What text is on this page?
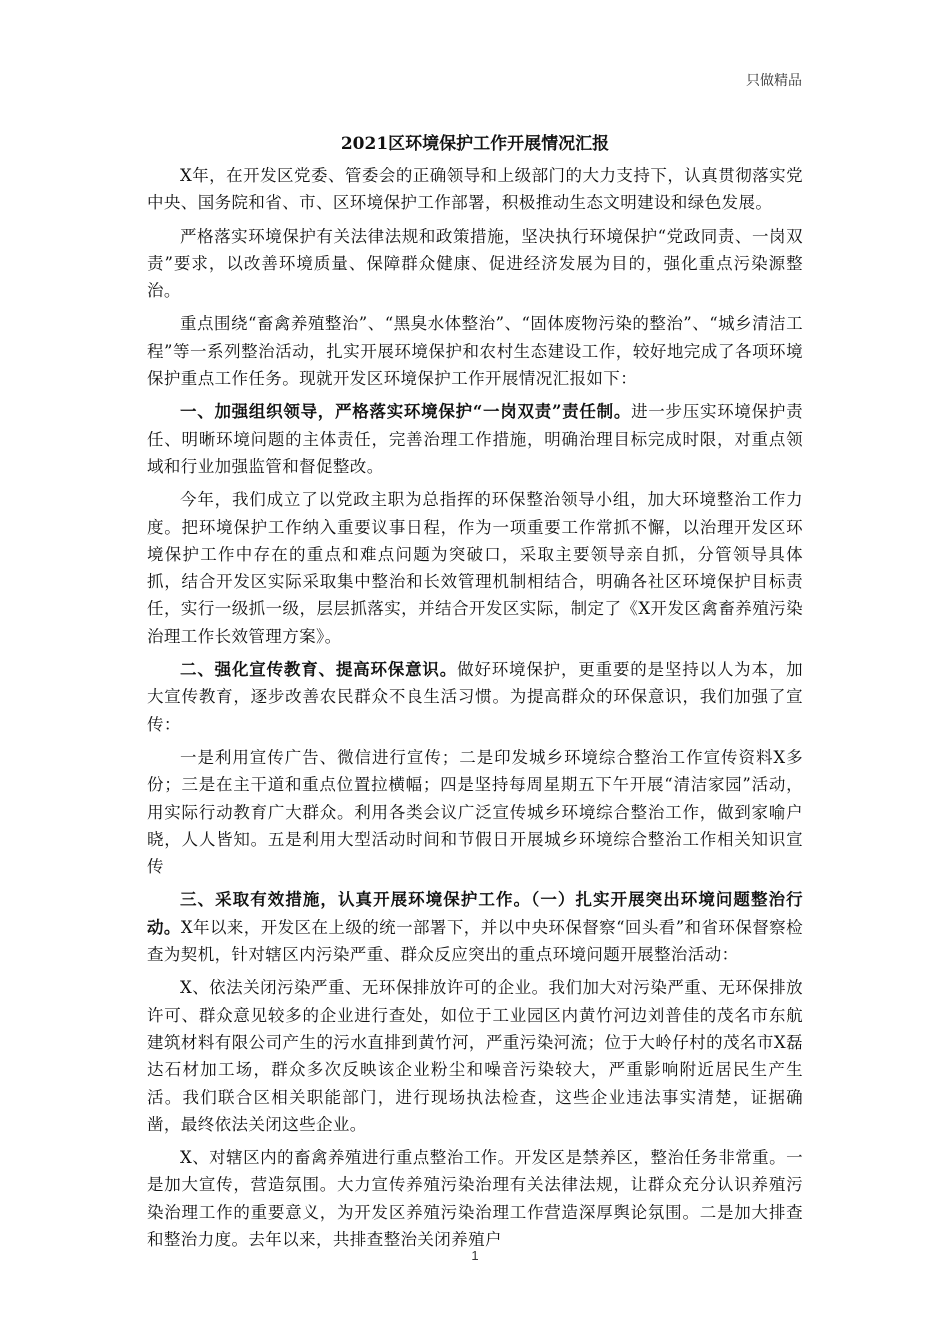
只做精品
2021区环境保护工作开展情况汇报

X年，在开发区党委、管委会的正确领导和上级部门的大力支持下，认真贯彻落实党中央、国务院和省、市、区环境保护工作部署，积极推动生态文明建设和绿色发展。

严格落实环境保护有关法律法规和政策措施，坚决执行环境保护“党政同责、一岗双责”要求，以改善环境质量、保障群众健康、促进经济发展为目的，强化重点污染源整治。

重点围绕“畜禽养殖整治”、“黑臭水体整治”、“固体废物污染的整治”、“城乡清洁工程”等一系列整治活动，扎实开展环境保护和农村生态建设工作，较好地完成了各项环境保护重点工作任务。现就开发区环境保护工作开展情况汇报如下：

一、加强组织领导，严格落实环境保护“一岗双责”责任制。进一步压实环境保护责任、明晰环境问题的主体责任，完善治理工作措施，明确治理目标完成时限，对重点领域和行业加强监管和督促整改。

今年，我们成立了以党政主职为总指挥的环保整治领导小组，加大环境整治工作力度。把环境保护工作纳入重要议事日程，作为一项重要工作常抓不懈，以治理开发区环境保护工作中存在的重点和难点问题为突破口，采取主要领导亲自抓，分管领导具体抓，结合开发区实际采取集中整治和长效管理机制相结合，明确各社区环境保护目标责任，实行一级抓一级，层层抓落实，并结合开发区实际，制定了《X开发区禽畜养殖污染治理工作长效管理方案》。

二、强化宣传教育、提高环保意识。做好环境保护，更重要的是坚持以人为本，加大宣传教育，逐步改善农民群众不良生活习惯。为提高群众的环保意识，我们加强了宣传：

一是利用宣传广告、微信进行宣传；二是印发城乡环境综合整治工作宣传资料X多份；三是在主干道和重点位置拉横幅；四是坚持每周星期五下午开展“清洁家园”活动，用实际行动教育广大群众。利用各类会议广泛宣传城乡环境综合整治工作，做到家喻户晓，人人皆知。五是利用大型活动时间和节假日开展城乡环境综合整治工作相关知识宣传

三、采取有效措施，认真开展环境保护工作。（一）扎实开展突出环境问题整治行动。X年以来，开发区在上级的统一部署下，并以中央环保督察“回头看”和省环保督察检查为契机，针对辖区内污染严重、群众反应突出的重点环境问题开展整治活动：

X、依法关闭污染严重、无环保排放许可的企业。我们加大对污染严重、无环保排放许可、群众意见较多的企业进行查处，如位于工业园区内黄竹河边刘普佳的茂名市东航建筑材料有限公司产生的污水直排到黄竹河，严重污染河流；位于大岭仔村的茂名市X磊达石材加工场，群众多次反映该企业粉尘和噪音污染较大，严重影响附近居民生产生活。我们联合区相关职能部门，进行现场执法检查，这些企业违法事实清楚，证据确凿，最终依法关闭这些企业。

X、对辖区内的畜禽养殖进行重点整治工作。开发区是禁养区，整治任务非常重。一是加大宣传，营造氛围。大力宣传养殖污染治理有关法律法规，让群众充分认识养殖污染治理工作的重要意义，为开发区养殖污染治理工作营造深厚舆论氛围。二是加大排查和整治力度。去年以来，共排查整治关闭养殖户

1
